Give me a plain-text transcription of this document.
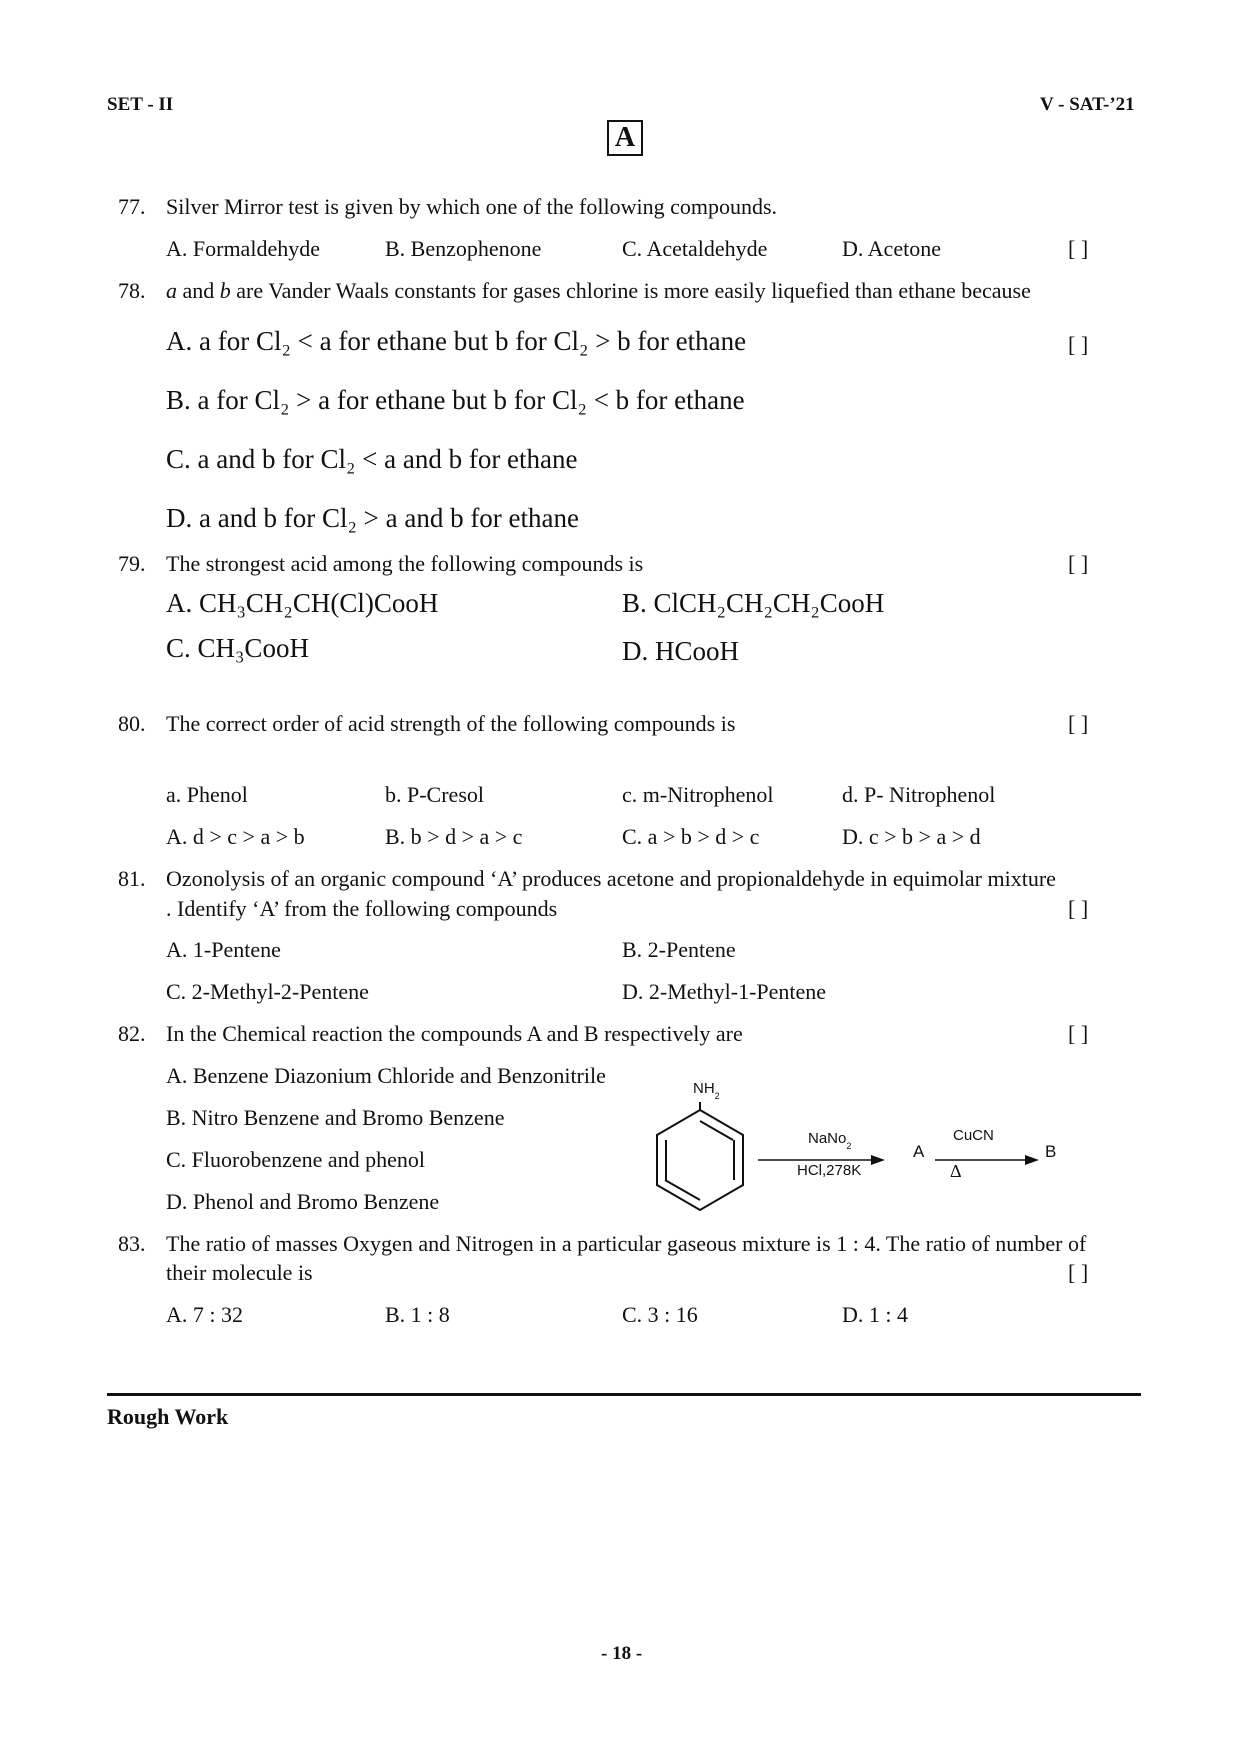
SET - II	V - SAT-’21
A
77. Silver Mirror test is given by which one of the following compounds.
A. Formaldehyde	B. Benzophenone	C. Acetaldehyde	D. Acetone	[ ]
78. a and b are Vander Waals constants for gases chlorine is more easily liquefied than ethane because
A. a for Cl₂ < a for ethane but b for Cl₂ > b for ethane	[ ]
B. a for Cl₂ > a for ethane but b for Cl₂ < b for ethane
C. a and b for Cl₂ < a and b for ethane
D. a and b for Cl₂ > a and b for ethane
79. The strongest acid among the following compounds is	[ ]
A. CH₃CH₂CH(Cl)CooH	B. ClCH₂CH₂CH₂CooH
C. CH₃CooH	D. HCooH
80. The correct order of acid strength of the following compounds is	[ ]
a. Phenol	b. P-Cresol	c. m-Nitrophenol	d. P- Nitrophenol
A. d > c > a > b	B. b > d > a > c	C. a > b > d > c	D. c > b > a > d
81. Ozonolysis of an organic compound ‘A’ produces acetone and propionaldehyde in equimolar mixture
. Identify ‘A’ from the following compounds	[ ]
A. 1-Pentene	B. 2-Pentene
C. 2-Methyl-2-Pentene	D. 2-Methyl-1-Pentene
82. In the Chemical reaction the compounds A and B respectively are	[ ]
A. Benzene Diazonium Chloride and Benzonitrile
B. Nitro Benzene and Bromo Benzene
C. Fluorobenzene and phenol
D. Phenol and Bromo Benzene
$NH_2$
NaNo$_2$
HCl,278K
A
CuCN
Δ
B
83. The ratio of masses Oxygen and Nitrogen in a particular gaseous mixture is 1 : 4. The ratio of number of
their molecule is	[ ]
A. 7 : 32	B. 1 : 8	C. 3 : 16	D. 1 : 4
Rough Work
- 18 -
